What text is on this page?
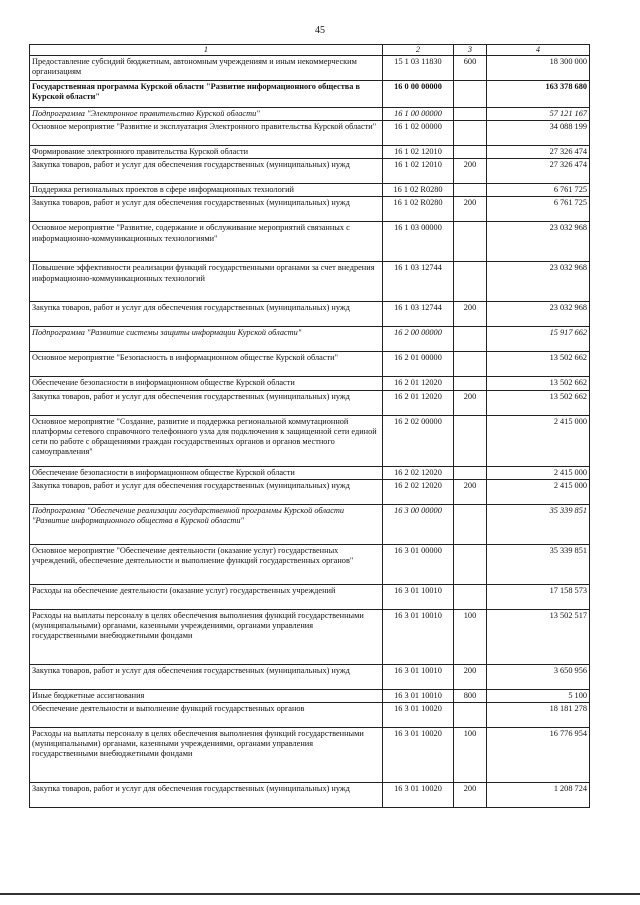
45
1	2	3	4
Предоставление субсидий бюджетным, автономным учреждениям и иным некоммерческим организациям	15 1 03 11830	600	18 300 000
Государственная программа Курской области "Развитие информационного общества в Курской области"	16 0 00 00000		163 378 680
Подпрограмма "Электронное правительство Курской области"	16 1 00 00000		57 121 167
Основное мероприятие "Развитие и эксплуатация Электронного правительства Курской области"	16 1 02 00000		34 088 199
Формирование электронного правительства Курской области	16 1 02 12010		27 326 474
Закупка товаров, работ и услуг для обеспечения государственных (муниципальных) нужд	16 1 02 12010	200	27 326 474
Поддержка региональных проектов в сфере информационных технологий	16 1 02 R0280		6 761 725
Закупка товаров, работ и услуг для обеспечения государственных (муниципальных) нужд	16 1 02 R0280	200	6 761 725
Основное мероприятие "Развитие, содержание и обслуживание мероприятий связанных с информационно-коммуникационных технологиями"	16 1 03 00000		23 032 968
Повышение эффективности реализации функций государственными органами за счет внедрения информационно-коммуникационных технологий	16 1 03 12744		23 032 968
Закупка товаров, работ и услуг для обеспечения государственных (муниципальных) нужд	16 1 03 12744	200	23 032 968
Подпрограмма "Развитие системы защиты информации Курской области"	16 2 00 00000		15 917 662
Основное мероприятие "Безопасность в информационном обществе Курской области"	16 2 01 00000		13 502 662
Обеспечение безопасности в информационном обществе Курской области	16 2 01 12020		13 502 662
Закупка товаров, работ и услуг для обеспечения государственных (муниципальных) нужд	16 2 01 12020	200	13 502 662
Основное мероприятие "Создание, развитие и поддержка региональной коммутационной платформы сетевого справочного телефонного узла для подключения к защищенной сети единой сети по работе с обращениями граждан государственных органов и органов местного самоуправления"	16 2 02 00000		2 415 000
Обеспечение безопасности в информационном обществе Курской области	16 2 02 12020		2 415 000
Закупка товаров, работ и услуг для обеспечения государственных (муниципальных) нужд	16 2 02 12020	200	2 415 000
Подпрограмма "Обеспечение реализации государственной программы Курской области "Развитие информационного общества в Курской области"	16 3 00 00000		35 339 851
Основное мероприятие "Обеспечение деятельности (оказание услуг) государственных учреждений, обеспечение деятельности и выполнение функций государственных органов"	16 3 01 00000		35 339 851
Расходы на обеспечение деятельности (оказание услуг) государственных учреждений	16 3 01 10010		17 158 573
Расходы на выплаты персоналу в целях обеспечения выполнения функций государственными (муниципальными) органами, казенными учреждениями, органами управления государственными внебюджетными фондами	16 3 01 10010	100	13 502 517
Закупка товаров, работ и услуг для обеспечения государственных (муниципальных) нужд	16 3 01 10010	200	3 650 956
Иные бюджетные ассигнования	16 3 01 10010	800	5 100
Обеспечение деятельности и выполнение функций государственных органов	16 3 01 10020		18 181 278
Расходы на выплаты персоналу в целях обеспечения выполнения функций государственными (муниципальными) органами, казенными учреждениями, органами управления государственными внебюджетными фондами	16 3 01 10020	100	16 776 954
Закупка товаров, работ и услуг для обеспечения государственных (муниципальных) нужд	16 3 01 10020	200	1 208 724
